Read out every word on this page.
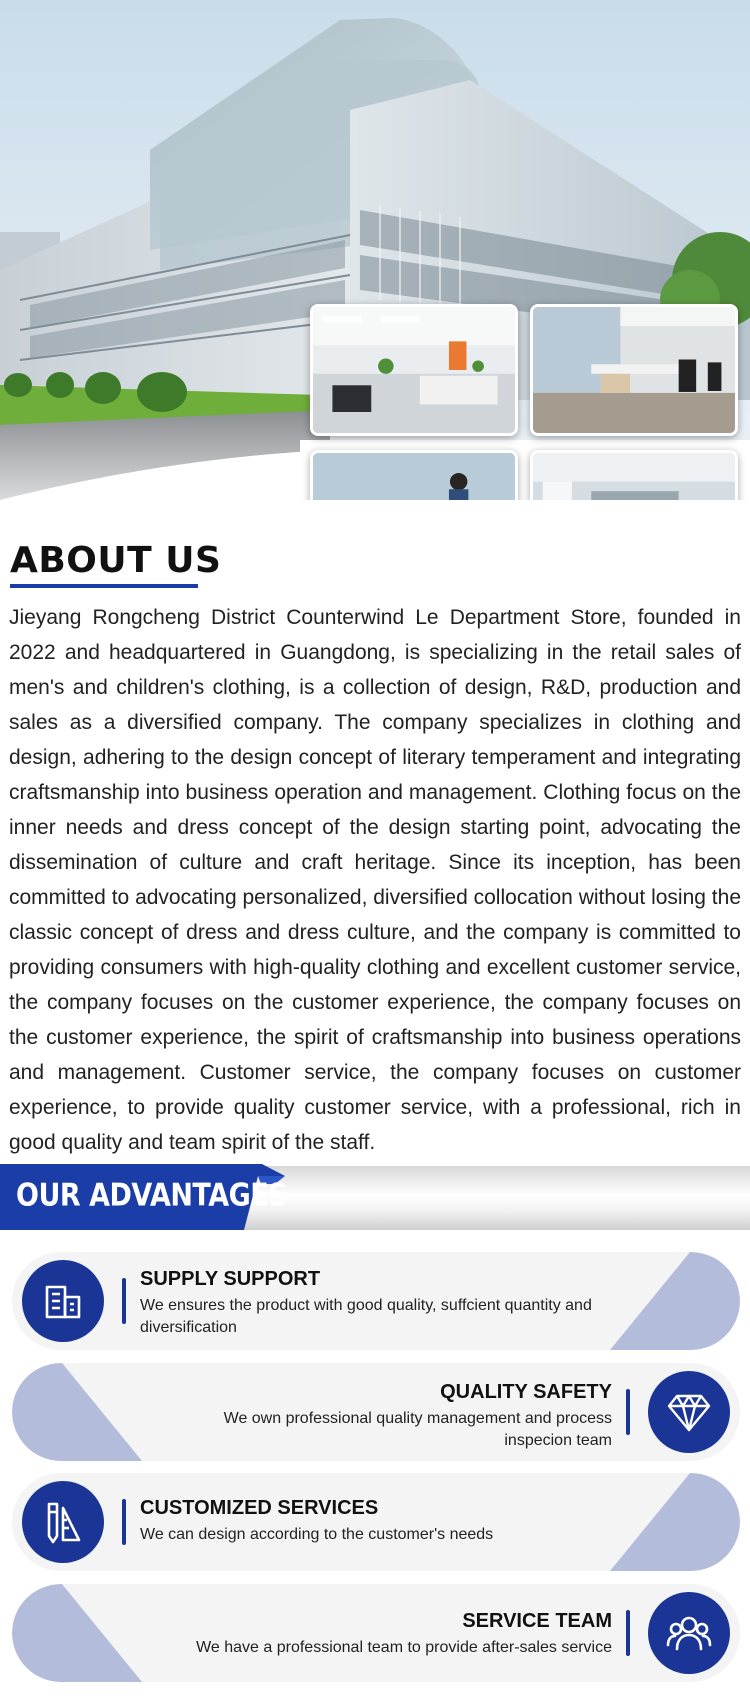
ABOUT US

Jieyang Rongcheng District Counterwind Le Department Store, founded in 2022 and headquartered in Guangdong, is specializing in the retail sales of men's and children's clothing, is a collection of design, R&D, production and sales as a diversified company. The company specializes in clothing and design, adhering to the design concept of literary temperament and integrating craftsmanship into business operation and management. Clothing focus on the inner needs and dress concept of the design starting point, advocating the dissemination of culture and craft heritage. Since its inception, has been committed to advocating personalized, diversified collocation without losing the classic concept of dress and dress culture, and the company is committed to providing consumers with high-quality clothing and excellent customer service, the company focuses on the customer experience, the company focuses on the customer experience, the spirit of craftsmanship into business operations and management. Customer service, the company focuses on customer experience, to provide quality customer service, with a professional, rich in good quality and team spirit of the staff.

OUR ADVANTAGES
SUPPLY SUPPORT
We ensures the product with good quality, suffcient quantity and
diversification
QUALITY SAFETY
We own professional quality management and process
inspecion team
CUSTOMIZED SERVICES
We can design according to the customer's needs
SERVICE TEAM
We have a professional team to provide after-sales service
